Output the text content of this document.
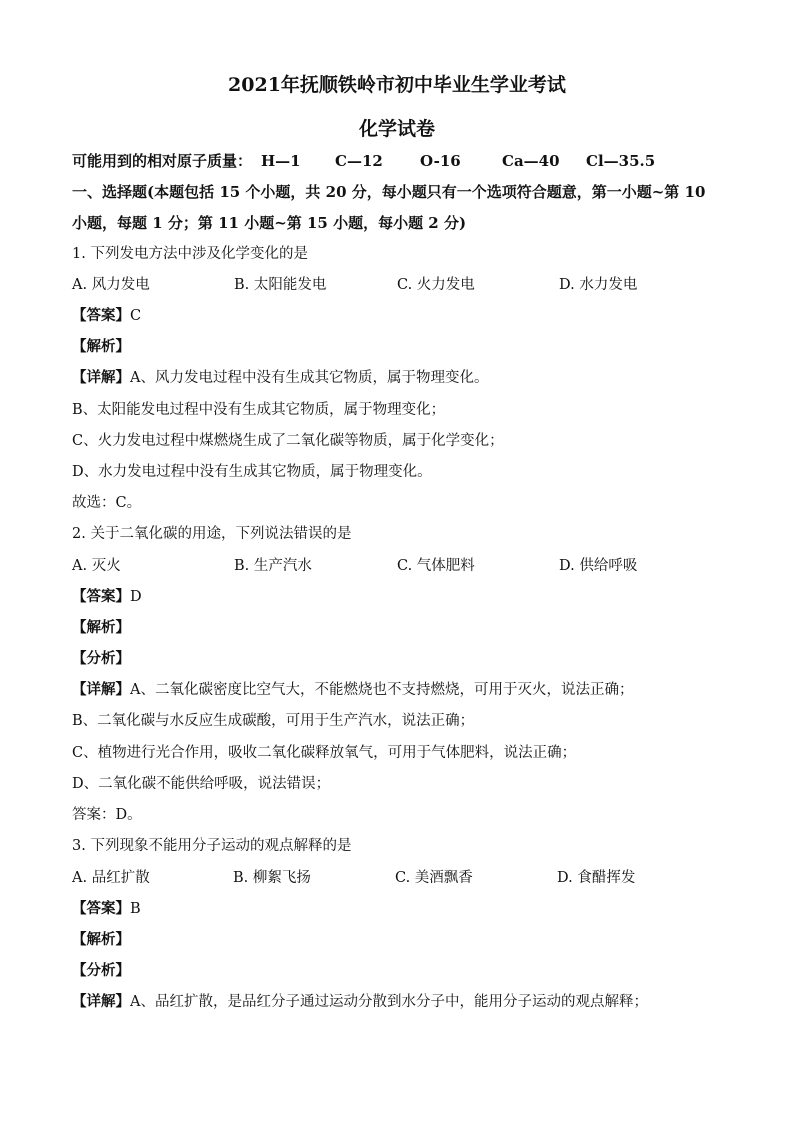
2021年抚顺铁岭市初中毕业生学业考试
化学试卷
可能用到的相对原子质量： H—1 C—12 O-16	Ca—40 Cl—35.5
一、选择题(本题包括 15 个小题，共 20 分，每小题只有一个选项符合题意，第一小题~第 10
小题，每题 1 分；第 11 小题~第 15 小题，每小题 2 分)
1. 下列发电方法中涉及化学变化的是
A. 风力发电	B. 太阳能发电	C. 火力发电	D. 水力发电
【答案】C
【解析】
【详解】A、风力发电过程中没有生成其它物质，属于物理变化。
B、太阳能发电过程中没有生成其它物质，属于物理变化；
C、火力发电过程中煤燃烧生成了二氧化碳等物质，属于化学变化；
D、水力发电过程中没有生成其它物质，属于物理变化。
故选：C。
2. 关于二氧化碳的用途，下列说法错误的是
A. 灭火	B. 生产汽水	C. 气体肥料	D. 供给呼吸
【答案】D
【解析】
【分析】
【详解】A、二氧化碳密度比空气大，不能燃烧也不支持燃烧，可用于灭火，说法正确；
B、二氧化碳与水反应生成碳酸，可用于生产汽水，说法正确；
C、植物进行光合作用，吸收二氧化碳释放氧气，可用于气体肥料，说法正确；
D、二氧化碳不能供给呼吸，说法错误；
答案：D。
3. 下列现象不能用分子运动的观点解释的是
A. 品红扩散	B. 柳絮飞扬	C. 美酒飘香	D. 食醋挥发
【答案】B
【解析】
【分析】
【详解】A、品红扩散，是品红分子通过运动分散到水分子中，能用分子运动的观点解释；
